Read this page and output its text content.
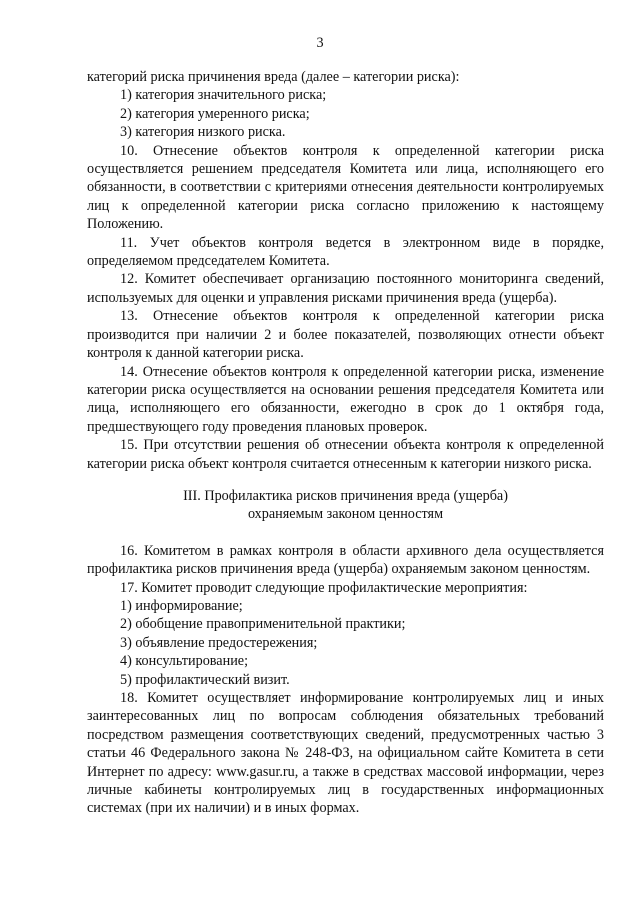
3

категорий риска причинения вреда (далее – категории риска):

1) категория значительного риска;

2) категория умеренного риска;

3) категория низкого риска.

10. Отнесение объектов контроля к определенной категории риска осуществляется решением председателя Комитета или лица, исполняющего его обязанности, в соответствии с критериями отнесения деятельности контролируемых лиц к определенной категории риска согласно приложению к настоящему Положению.

11. Учет объектов контроля ведется в электронном виде в порядке, определяемом председателем Комитета.

12. Комитет обеспечивает организацию постоянного мониторинга сведений, используемых для оценки и управления рисками причинения вреда (ущерба).

13. Отнесение объектов контроля к определенной категории риска производится при наличии 2 и более показателей, позволяющих отнести объект контроля к данной категории риска.

14. Отнесение объектов контроля к определенной категории риска, изменение категории риска осуществляется на основании решения председателя Комитета или лица, исполняющего его обязанности, ежегодно в срок до 1 октября года, предшествующего году проведения плановых проверок.

15. При отсутствии решения об отнесении объекта контроля к определенной категории риска объект контроля считается отнесенным к категории низкого риска.

III. Профилактика рисков причинения вреда (ущерба)
охраняемым законом ценностям

16. Комитетом в рамках контроля в области архивного дела осуществляется профилактика рисков причинения вреда (ущерба) охраняемым законом ценностям.

17. Комитет проводит следующие профилактические мероприятия:

1) информирование;

2) обобщение правоприменительной практики;

3) объявление предостережения;

4) консультирование;

5) профилактический визит.

18. Комитет осуществляет информирование контролируемых лиц и иных заинтересованных лиц по вопросам соблюдения обязательных требований посредством размещения соответствующих сведений, предусмотренных частью 3 статьи 46 Федерального закона № 248-ФЗ, на официальном сайте Комитета в сети Интернет по адресу: www.gasur.ru, а также в средствах массовой информации, через личные кабинеты контролируемых лиц в государственных информационных системах (при их наличии) и в иных формах.
